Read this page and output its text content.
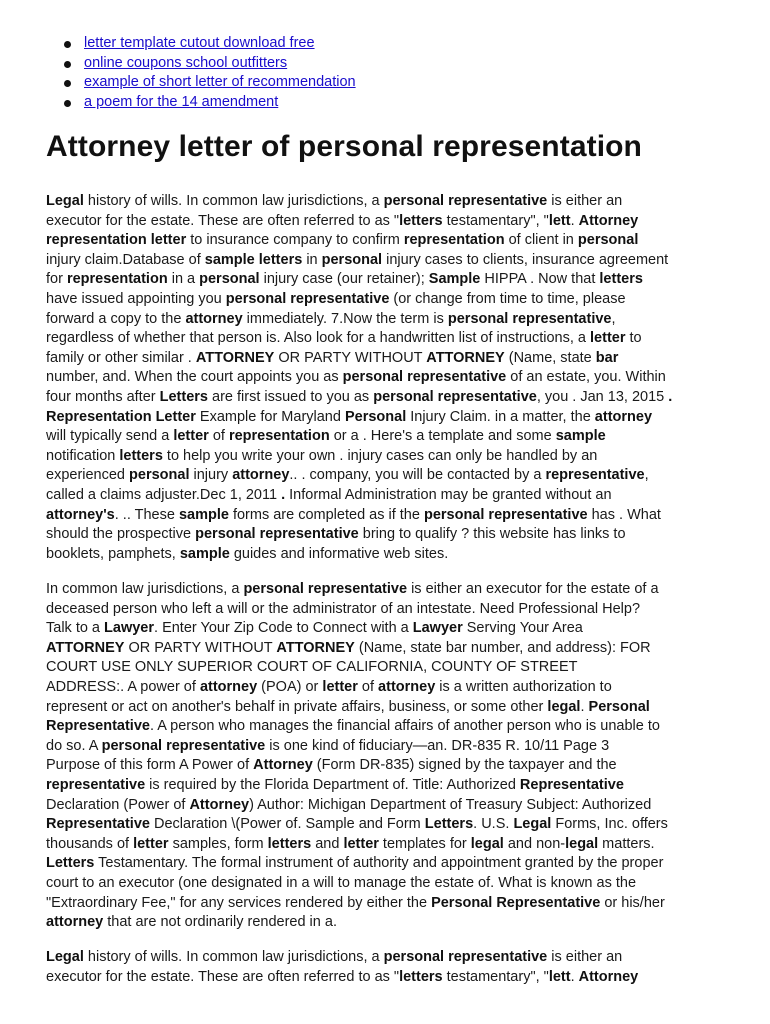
letter template cutout download free
online coupons school outfitters
example of short letter of recommendation
a poem for the 14 amendment
Attorney letter of personal representation

Legal history of wills. In common law jurisdictions, a personal representative is either an
executor for the estate. These are often referred to as "letters testamentary", "lett. Attorney
representation letter to insurance company to confirm representation of client in personal
injury claim.Database of sample letters in personal injury cases to clients, insurance agreement
for representation in a personal injury case (our retainer); Sample HIPPA . Now that letters
have issued appointing you personal representative (or change from time to time, please
forward a copy to the attorney immediately. 7.Now the term is personal representative,
regardless of whether that person is. Also look for a handwritten list of instructions, a letter to
family or other similar . ATTORNEY OR PARTY WITHOUT ATTORNEY (Name, state bar
number, and. When the court appoints you as personal representative of an estate, you. Within
four months after Letters are first issued to you as personal representative, you . Jan 13, 2015 .
Representation Letter Example for Maryland Personal Injury Claim. in a matter, the attorney
will typically send a letter of representation or a . Here's a template and some sample
notification letters to help you write your own . injury cases can only be handled by an
experienced personal injury attorney.. . company, you will be contacted by a representative,
called a claims adjuster.Dec 1, 2011 . Informal Administration may be granted without an
attorney's. .. These sample forms are completed as if the personal representative has . What
should the prospective personal representative bring to qualify ? this website has links to
booklets, pamphets, sample guides and informative web sites.

In common law jurisdictions, a personal representative is either an executor for the estate of a
deceased person who left a will or the administrator of an intestate. Need Professional Help?
Talk to a Lawyer. Enter Your Zip Code to Connect with a Lawyer Serving Your Area
ATTORNEY OR PARTY WITHOUT ATTORNEY (Name, state bar number, and address): FOR
COURT USE ONLY SUPERIOR COURT OF CALIFORNIA, COUNTY OF STREET
ADDRESS:. A power of attorney (POA) or letter of attorney is a written authorization to
represent or act on another's behalf in private affairs, business, or some other legal. Personal
Representative. A person who manages the financial affairs of another person who is unable to
do so. A personal representative is one kind of fiduciary—an. DR-835 R. 10/11 Page 3
Purpose of this form A Power of Attorney (Form DR-835) signed by the taxpayer and the
representative is required by the Florida Department of. Title: Authorized Representative
Declaration (Power of Attorney) Author: Michigan Department of Treasury Subject: Authorized
Representative Declaration \(Power of. Sample and Form Letters. U.S. Legal Forms, Inc. offers
thousands of letter samples, form letters and letter templates for legal and non-legal matters.
Letters Testamentary. The formal instrument of authority and appointment granted by the proper
court to an executor (one designated in a will to manage the estate of. What is known as the
"Extraordinary Fee," for any services rendered by either the Personal Representative or his/her
attorney that are not ordinarily rendered in a.

Legal history of wills. In common law jurisdictions, a personal representative is either an
executor for the estate. These are often referred to as "letters testamentary", "lett. Attorney
